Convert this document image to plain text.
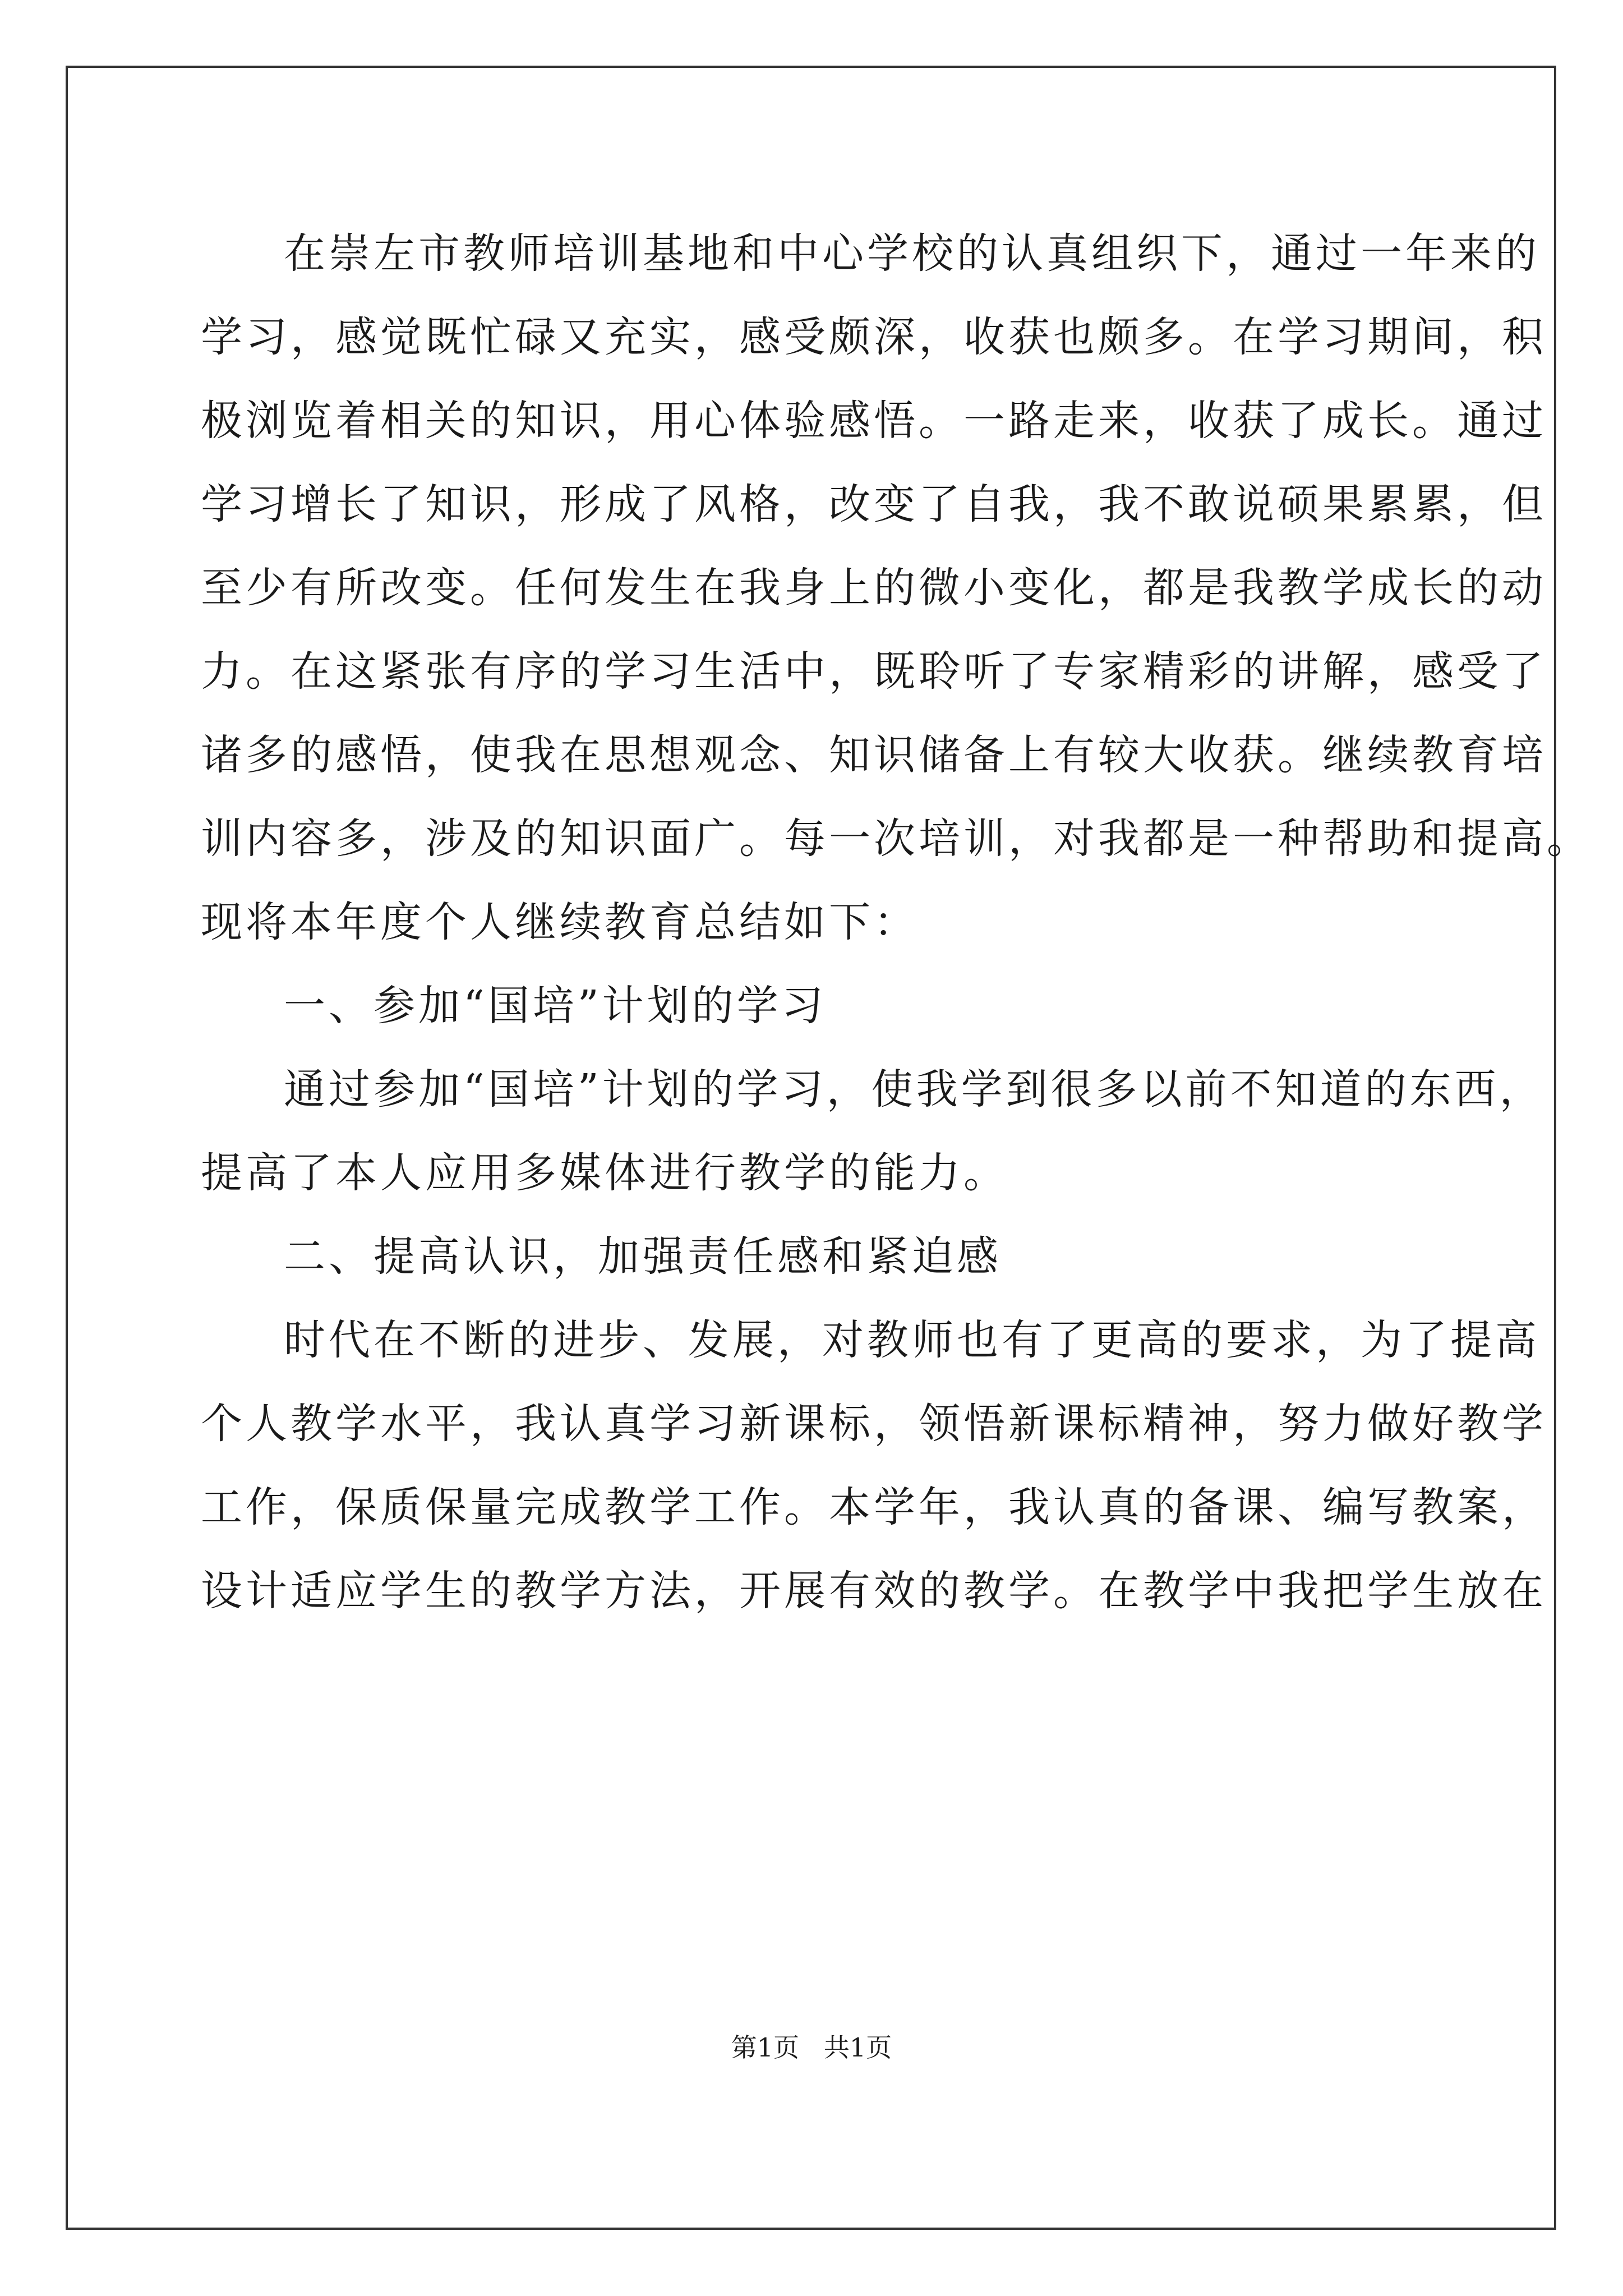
在崇左市教师培训基地和中心学校的认真组织下，通过一年来的
学习，感觉既忙碌又充实，感受颇深，收获也颇多。在学习期间，积
极浏览着相关的知识，用心体验感悟。一路走来，收获了成长。通过
学习增长了知识，形成了风格，改变了自我，我不敢说硕果累累，但
至少有所改变。任何发生在我身上的微小变化，都是我教学成长的动
力。在这紧张有序的学习生活中，既聆听了专家精彩的讲解，感受了
诸多的感悟，使我在思想观念、知识储备上有较大收获。继续教育培
训内容多，涉及的知识面广。每一次培训，对我都是一种帮助和提高。
现将本年度个人继续教育总结如下：
一、参加“国培”计划的学习
通过参加“国培”计划的学习，使我学到很多以前不知道的东西，
提高了本人应用多媒体进行教学的能力。
二、提高认识，加强责任感和紧迫感
时代在不断的进步、发展，对教师也有了更高的要求，为了提高
个人教学水平，我认真学习新课标，领悟新课标精神，努力做好教学
工作，保质保量完成教学工作。本学年，我认真的备课、编写教案，
设计适应学生的教学方法，开展有效的教学。在教学中我把学生放在
第1页   共1页
